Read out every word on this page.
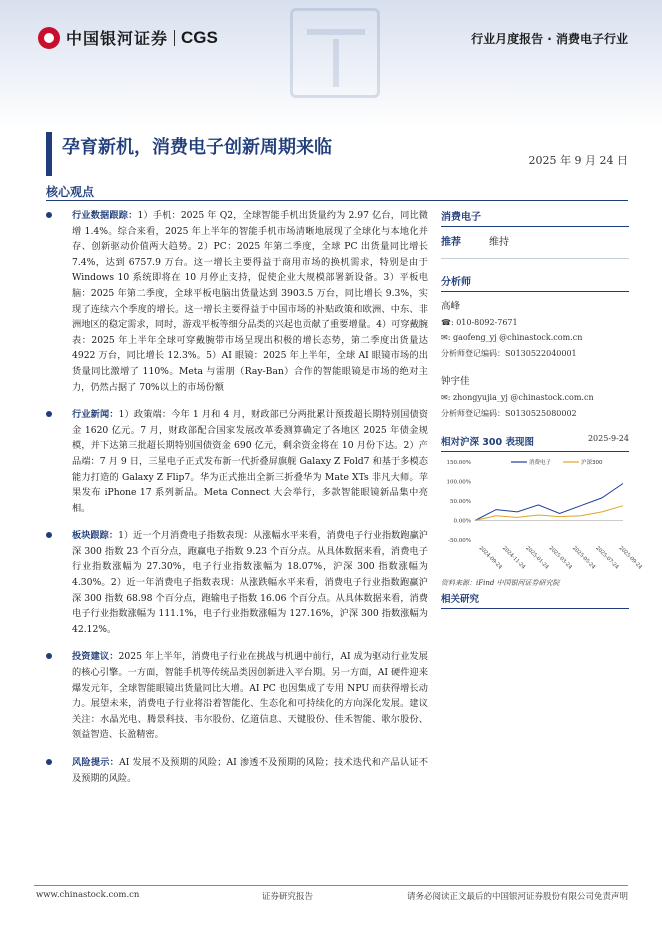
中国银河证券 CGS	行业月度报告 · 消费电子行业
孕育新机，消费电子创新周期来临
2025 年 9 月 24 日
核心观点
行业数据跟踪：1）手机：2025 年 Q2，全球智能手机出货量约为 2.97 亿台，同比微增 1.4%。综合来看，2025 年上半年的智能手机市场清晰地展现了全球化与本地化并存、创新驱动价值两大趋势。2）PC：2025 年第二季度，全球 PC 出货量同比增长 7.4%，达到 6757.9 万台。这一增长主要得益于商用市场的换机需求，特别是由于 Windows 10 系统即将在 10 月停止支持，促使企业大规模部署新设备。3）平板电脑：2025 年第二季度，全球平板电脑出货量达到 3903.5 万台，同比增长 9.3%，实现了连续六个季度的增长。这一增长主要得益于中国市场的补贴政策和欧洲、中东、非洲地区的稳定需求，同时，游戏平板等细分品类的兴起也贡献了重要增量。4）可穿戴腕表：2025 年上半年全球可穿戴腕带市场呈现出积极的增长态势，第二季度出货量达 4922 万台，同比增长 12.3%。5）AI 眼镜：2025 年上半年，全球 AI 眼镜市场的出货量同比激增了 110%。Meta 与雷朋（Ray-Ban）合作的智能眼镜是市场的绝对主力，仍然占据了 70%以上的市场份额
行业新闻：1）政策端：今年 1 月和 4 月，财政部已分两批累计预拨超长期特别国债资金 1620 亿元。7 月，财政部配合国家发展改革委测算确定了各地区 2025 年债金规模，并下达第三批超长期特别国债资金 690 亿元，剩余资金将在 10 月份下达。2）产品端：7 月 9 日，三星电子正式发布新一代折叠屏旗舰 Galaxy Z Fold7 和基于多模态能力打造的 Galaxy Z Flip7。华为正式推出全新三折叠华为 Mate XTs 非凡大师。苹果发布 iPhone 17 系列新品。Meta Connect 大会举行，多款智能眼镜新品集中亮相。
板块跟踪：1）近一个月消费电子指数表现：从涨幅水平来看，消费电子行业指数跑赢沪深 300 指数 23 个百分点，跑赢电子指数 9.23 个百分点。从具体数据来看，消费电子行业指数涨幅为 27.30%，电子行业指数涨幅为 18.07%，沪深 300 指数涨幅为 4.30%。2）近一年消费电子指数表现：从涨跌幅水平来看，消费电子行业指数跑赢沪深 300 指数 68.98 个百分点，跑输电子指数 16.06 个百分点。从具体数据来看，消费电子行业指数涨幅为 111.1%，电子行业指数涨幅为 127.16%，沪深 300 指数涨幅为 42.12%。
投资建议：2025 年上半年，消费电子行业在挑战与机遇中前行，AI 成为驱动行业发展的核心引擎。一方面，智能手机等传统品类因创新进入平台期。另一方面，AI 硬件迎来爆发元年，全球智能眼镜出货量同比大增。AI PC 也因集成了专用 NPU 而获得增长动力。展望未来，消费电子行业将沿着智能化、生态化和可持续化的方向深化发展。建议关注：水晶光电、腾景科技、韦尔股份、亿道信息、天键股份、佳禾智能、歌尔股份、领益智造、长盈精密。
风险提示：AI 发展不及预期的风险；AI 渗透不及预期的风险；技术迭代和产品认证不及预期的风险。
消费电子
推荐	维持
分析师
高峰
☎: 010-8092-7671
✉: gaofeng_yj @chinastock.com.cn
分析师登记编码：S0130522040001
钟宇佳
✉: zhongyujia_yj @chinastock.com.cn
分析师登记编码：S0130525080002
相对沪深 300 表现图	2025-9-24
150.00%
100.00%
50.00%
0.00%
-50.00%
消费电子	沪深300
2024-09-24
2024-11-24
2025-01-24
2025-03-24
2025-05-24
2025-07-24
2025-09-24
资料来源：iFind 中国银河证券研究院
相关研究
www.chinastock.com.cn	证券研究报告	请务必阅读正文最后的中国银河证券股份有限公司免责声明
